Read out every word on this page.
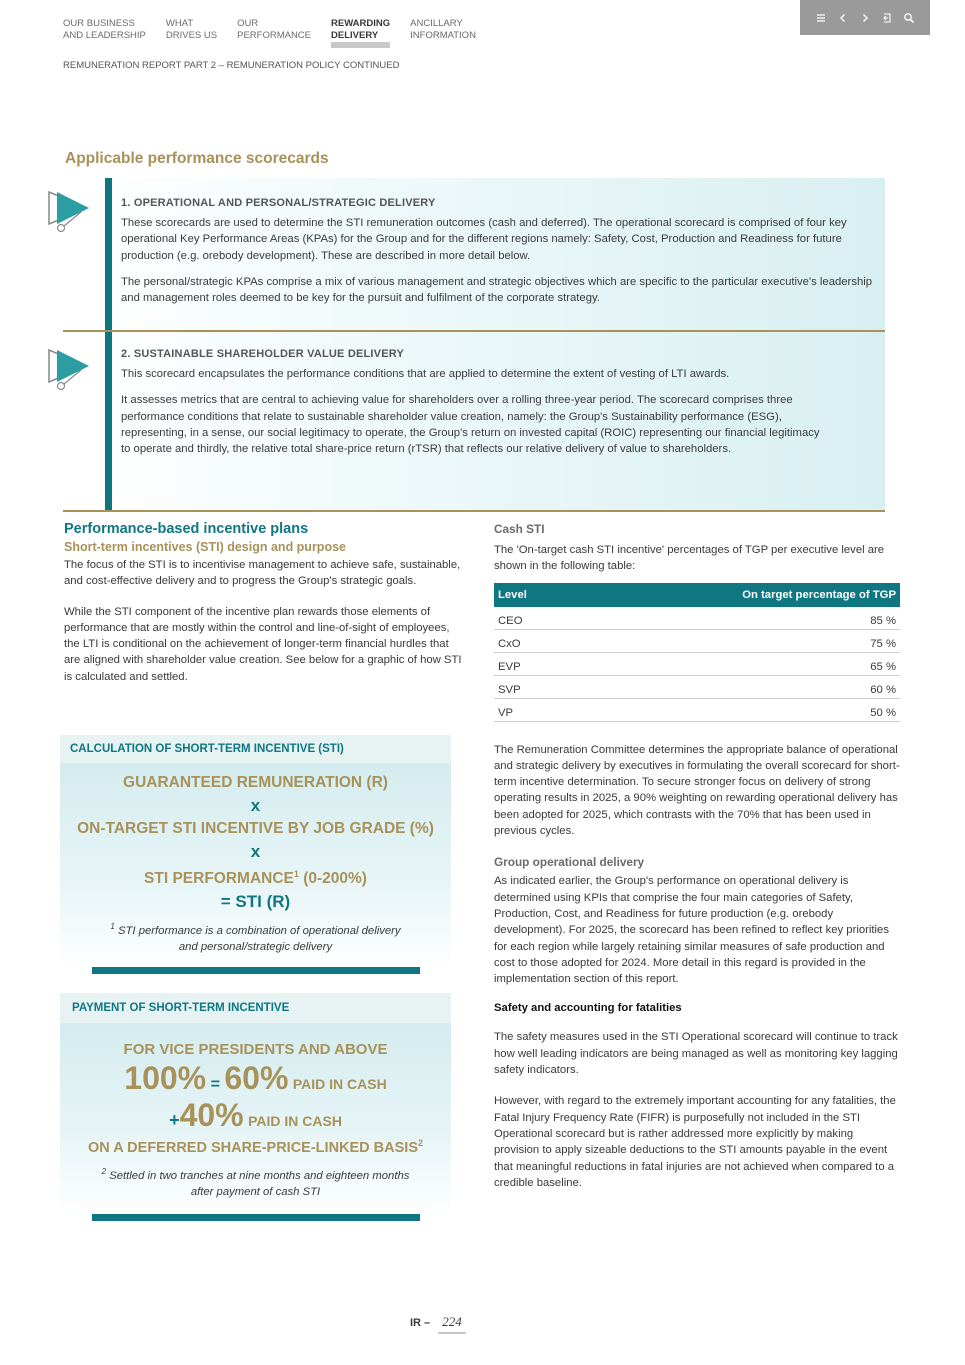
OUR BUSINESS
AND LEADERSHIP
WHAT
DRIVES US
OUR
PERFORMANCE
REWARDING
DELIVERY
ANCILLARY
INFORMATION
REMUNERATION REPORT PART 2 – REMUNERATION POLICY CONTINUED
Applicable performance scorecards
1. OPERATIONAL AND PERSONAL/STRATEGIC DELIVERY

These scorecards are used to determine the STI remuneration outcomes (cash and deferred). The operational scorecard is comprised of four key operational Key Performance Areas (KPAs) for the Group and for the different regions namely: Safety, Cost, Production and Readiness for future production (e.g. orebody development). These are described in more detail below.

The personal/strategic KPAs comprise a mix of various management and strategic objectives which are specific to the particular executive's leadership and management roles deemed to be key for the pursuit and fulfilment of the corporate strategy.

2. SUSTAINABLE SHAREHOLDER VALUE DELIVERY

This scorecard encapsulates the performance conditions that are applied to determine the extent of vesting of LTI awards.

It assesses metrics that are central to achieving value for shareholders over a rolling three-year period. The scorecard comprises three performance conditions that relate to sustainable shareholder value creation, namely: the Group's Sustainability performance (ESG), representing, in a sense, our social legitimacy to operate, the Group's return on invested capital (ROIC) representing our financial legitimacy to operate and thirdly, the relative total share-price return (rTSR) that reflects our relative delivery of value to shareholders.

Performance-based incentive plans
Short-term incentives (STI) design and purpose

The focus of the STI is to incentivise management to achieve safe, sustainable, and cost-effective delivery and to progress the Group's strategic goals.

While the STI component of the incentive plan rewards those elements of performance that are mostly within the control and line-of-sight of employees, the LTI is conditional on the achievement of longer-term financial hurdles that are aligned with shareholder value creation. See below for a graphic of how STI is calculated and settled.

CALCULATION OF SHORT-TERM INCENTIVE (STI)
GUARANTEED REMUNERATION (R)
x
ON-TARGET STI INCENTIVE BY JOB GRADE (%)
x
STI PERFORMANCE$^1$ (0-200%)
= STI (R)
$^1$ STI performance is a combination of operational delivery and personal/strategic delivery
PAYMENT OF SHORT-TERM INCENTIVE
FOR VICE PRESIDENTS AND ABOVE
100% = 60% PAID IN CASH
+40% PAID IN CASH
ON A DEFERRED SHARE-PRICE-LINKED BASIS$^2$
$^2$ Settled in two tranches at nine months and eighteen months after payment of cash STI
Cash STI

The 'On-target cash STI incentive' percentages of TGP per executive level are shown in the following table:

Level	On target percentage of TGP
CEO	85 %
CxO	75 %
EVP	65 %
SVP	60 %
VP	50 %

The Remuneration Committee determines the appropriate balance of operational and strategic delivery by executives in formulating the overall scorecard for short-term incentive determination. To secure stronger focus on delivery of strong operating results in 2025, a 90% weighting on rewarding operational delivery has been adopted for 2025, which contrasts with the 70% that has been used in previous cycles.

Group operational delivery

As indicated earlier, the Group's performance on operational delivery is determined using KPIs that comprise the four main categories of Safety, Production, Cost, and Readiness for future production (e.g. orebody development). For 2025, the scorecard has been refined to reflect key priorities for each region while largely retaining similar measures of safe production and cost to those adopted for 2024. More detail in this regard is provided in the implementation section of this report.

Safety and accounting for fatalities

The safety measures used in the STI Operational scorecard will continue to track how well leading indicators are being managed as well as monitoring key lagging safety indicators.

However, with regard to the extremely important accounting for any fatalities, the Fatal Injury Frequency Rate (FIFR) is purposefully not included in the STI Operational scorecard but is rather addressed more explicitly by making provision to apply sizeable deductions to the STI amounts payable in the event that meaningful reductions in fatal injuries are not achieved when compared to a credible baseline.

IR – 224
